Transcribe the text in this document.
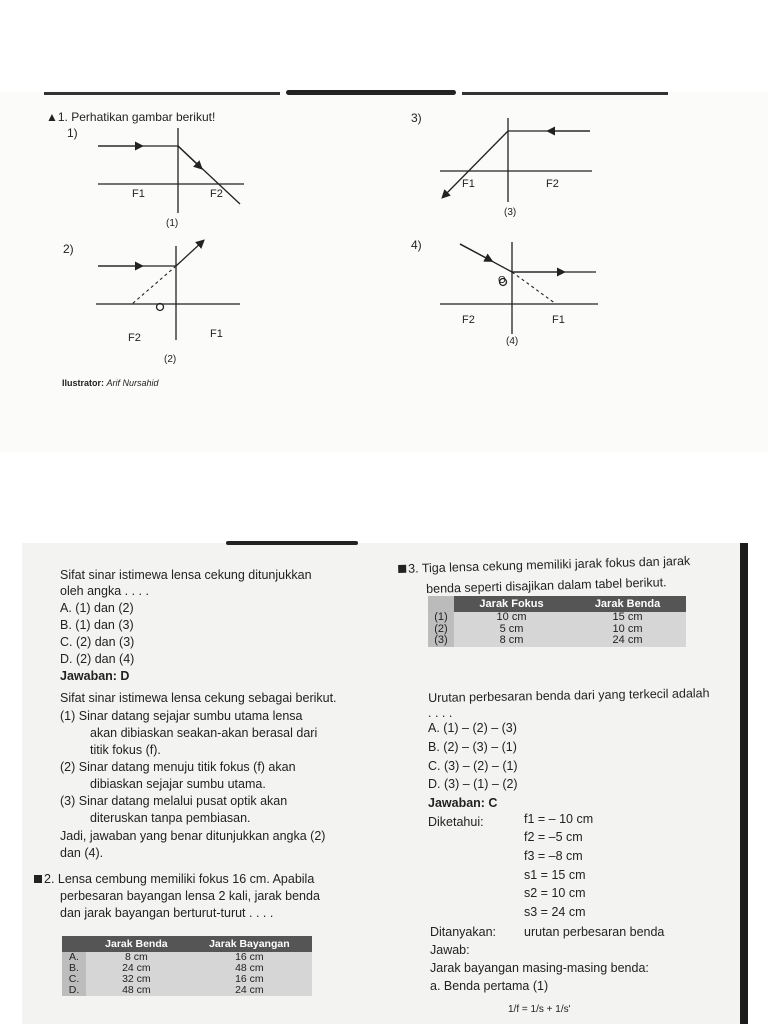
▲1. Perhatikan gambar berikut!
1)
2)
3)
4)
F1	F2
(1)
F2	F1
(2)
F1	F2
(3)
O
F2	F1
(4)
Ilustrator: Arif Nursahid
Sifat sinar istimewa lensa cekung ditunjukkan
oleh angka . . . .
A. (1) dan (2)
B. (1) dan (3)
C. (2) dan (3)
D. (2) dan (4)
Jawaban: D
Sifat sinar istimewa lensa cekung sebagai berikut.
(1) Sinar datang sejajar sumbu utama lensa
akan dibiaskan seakan-akan berasal dari
titik fokus (f).
(2) Sinar datang menuju titik fokus (f) akan
dibiaskan sejajar sumbu utama.
(3) Sinar datang melalui pusat optik akan
diteruskan tanpa pembiasan.
Jadi, jawaban yang benar ditunjukkan angka (2)
dan (4).
2. Lensa cembung memiliki fokus 16 cm. Apabila
perbesaran bayangan lensa 2 kali, jarak benda
dan jarak bayangan berturut-turut . . . .
	Jarak Benda	Jarak Bayangan
A.	8 cm	16 cm
B.	24 cm	48 cm
C.	32 cm	16 cm
D.	48 cm	24 cm
3. Tiga lensa cekung memiliki jarak fokus dan jarak
benda seperti disajikan dalam tabel berikut.
	Jarak Fokus	Jarak Benda
(1)	10 cm	15 cm
(2)	5 cm	10 cm
(3)	8 cm	24 cm
Urutan perbesaran benda dari yang terkecil adalah
. . . .
A. (1) – (2) – (3)
B. (2) – (3) – (1)
C. (3) – (2) – (1)
D. (3) – (1) – (2)
Jawaban: C
Diketahui:	f1 = – 10 cm
f2 = –5 cm
f3 = –8 cm
s1 = 15 cm
s2 = 10 cm
s3 = 24 cm
Ditanyakan: urutan perbesaran benda
Jawab:
Jarak bayangan masing-masing benda:
a. Benda pertama (1)
1/f = 1/s + 1/s'
